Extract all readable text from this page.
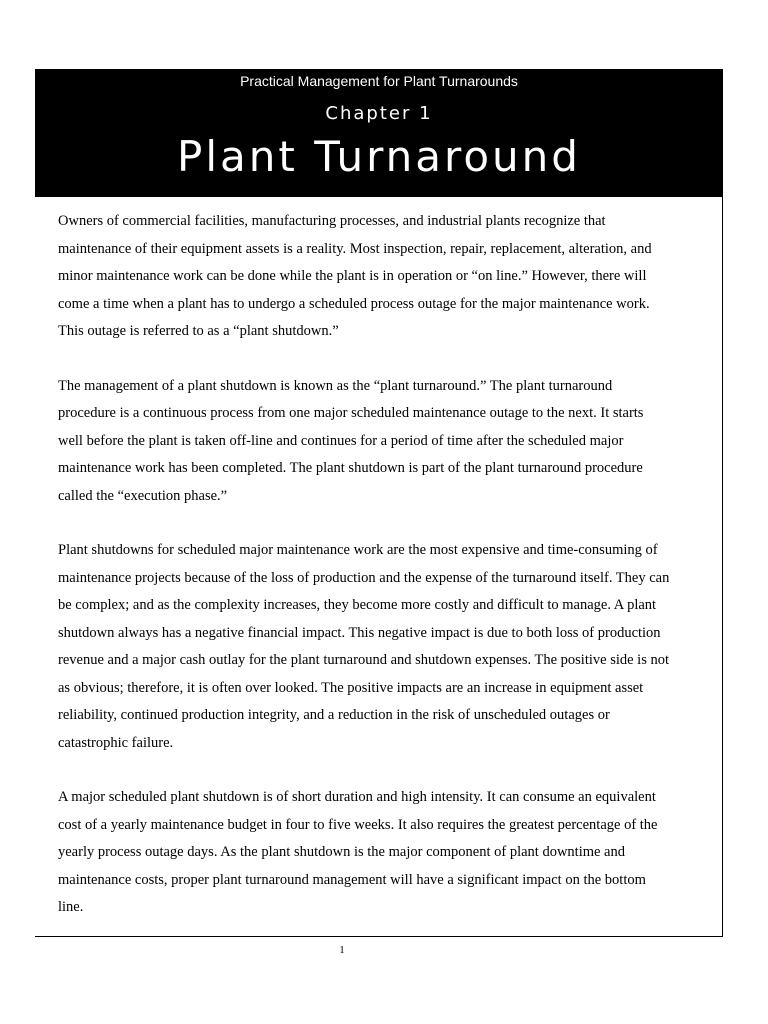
Practical Management for Plant Turnarounds
Chapter 1
Plant Turnaround

Owners of commercial facilities, manufacturing processes, and industrial plants recognize that
maintenance of their equipment assets is a reality. Most inspection, repair, replacement, alteration, and
minor maintenance work can be done while the plant is in operation or “on line.” However, there will
come a time when a plant has to undergo a scheduled process outage for the major maintenance work.
This outage is referred to as a “plant shutdown.”

The management of a plant shutdown is known as the “plant turnaround.” The plant turnaround
procedure is a continuous process from one major scheduled maintenance outage to the next. It starts
well before the plant is taken off-line and continues for a period of time after the scheduled major
maintenance work has been completed. The plant shutdown is part of the plant turnaround procedure
called the “execution phase.”

Plant shutdowns for scheduled major maintenance work are the most expensive and time-consuming of
maintenance projects because of the loss of production and the expense of the turnaround itself. They can
be complex; and as the complexity increases, they become more costly and difficult to manage. A plant
shutdown always has a negative financial impact. This negative impact is due to both loss of production
revenue and a major cash outlay for the plant turnaround and shutdown expenses. The positive side is not
as obvious; therefore, it is often over looked. The positive impacts are an increase in equipment asset
reliability, continued production integrity, and a reduction in the risk of unscheduled outages or
catastrophic failure.

A major scheduled plant shutdown is of short duration and high intensity. It can consume an equivalent
cost of a yearly maintenance budget in four to five weeks. It also requires the greatest percentage of the
yearly process outage days. As the plant shutdown is the major component of plant downtime and
maintenance costs, proper plant turnaround management will have a significant impact on the bottom
line.

1
